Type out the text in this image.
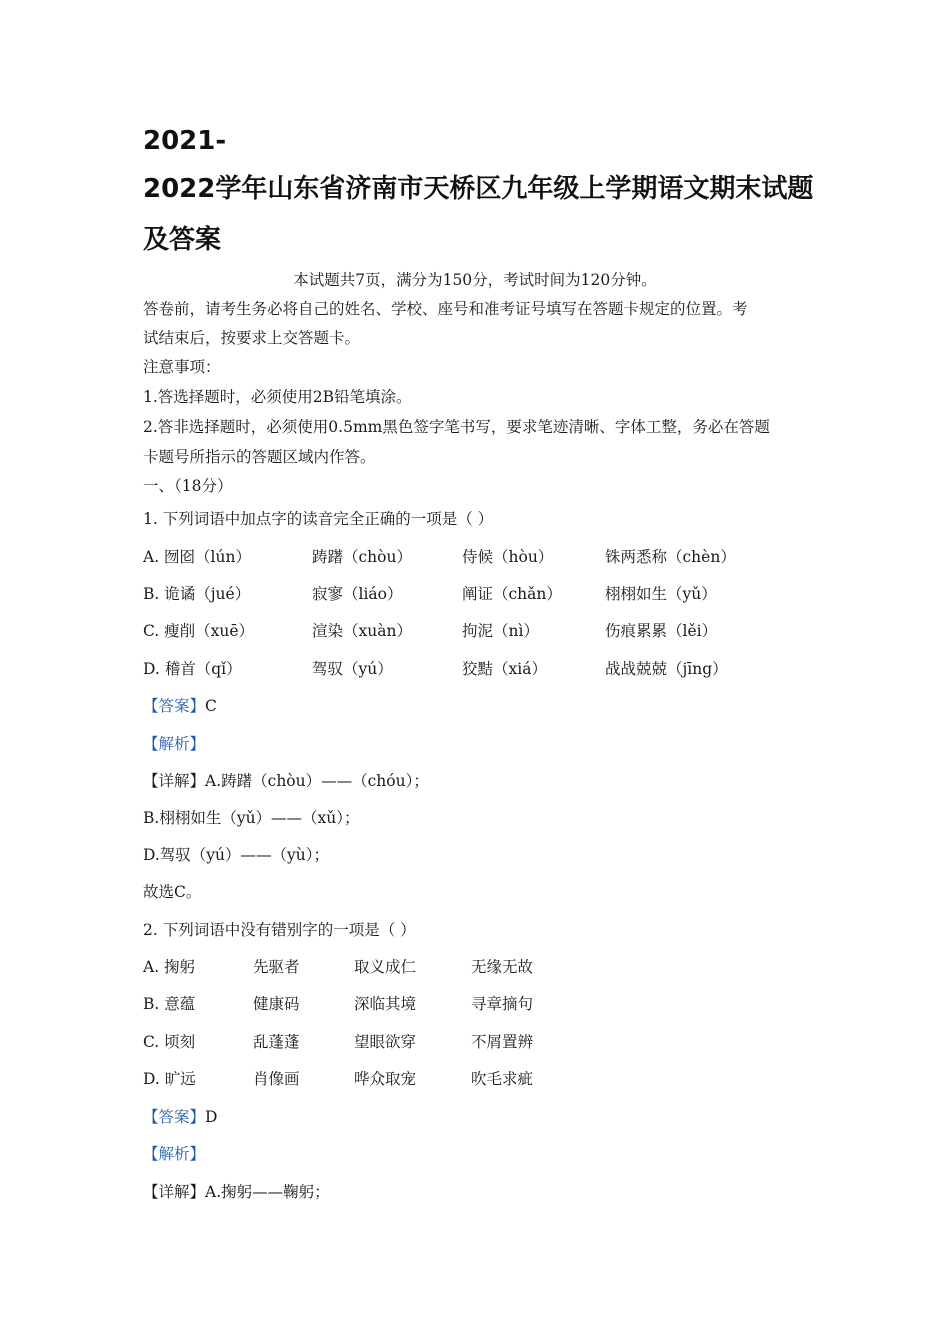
2021-
2022学年山东省济南市天桥区九年级上学期语文期末试题
及答案
本试题共7页，满分为150分，考试时间为120分钟。
答卷前，请考生务必将自己的姓名、学校、座号和准考证号填写在答题卡规定的位置。考
试结束后，按要求上交答题卡。
注意事项：
1.答选择题时，必须使用2B铅笔填涂。
2.答非选择题时，必须使用0.5mm黑色签字笔书写，要求笔迹清晰、字体工整，务必在答题
卡题号所指示的答题区域内作答。
一、（18分）
1. 下列词语中加点字的读音完全正确的一项是（ ）
A. 囫囵（lún）	踌躇（chòu）	侍候（hòu）	铢两悉称（chèn）
B. 诡谲（jué）	寂寥（liáo）	阐证（chǎn）	栩栩如生（yǔ）
C. 瘦削（xuē）	渲染（xuàn）	拘泥（nì）	伤痕累累（lěi）
D. 稽首（qǐ）	驾驭（yú）	狡黠（xiá）	战战兢兢（jīng）
【答案】C
【解析】
【详解】A.踌躇（chòu）——（chóu）；
B.栩栩如生（yǔ）——（xǔ）；
D.驾驭（yú）——（yù）；
故选C。
2. 下列词语中没有错别字的一项是（ ）
A. 掬躬	先驱者	取义成仁	无缘无故
B. 意蕴	健康码	深临其境	寻章摘句
C. 顷刻	乱蓬蓬	望眼欲穿	不屑置辨
D. 旷远	肖像画	哗众取宠	吹毛求疵
【答案】D
【解析】
【详解】A.掬躬——鞠躬；
